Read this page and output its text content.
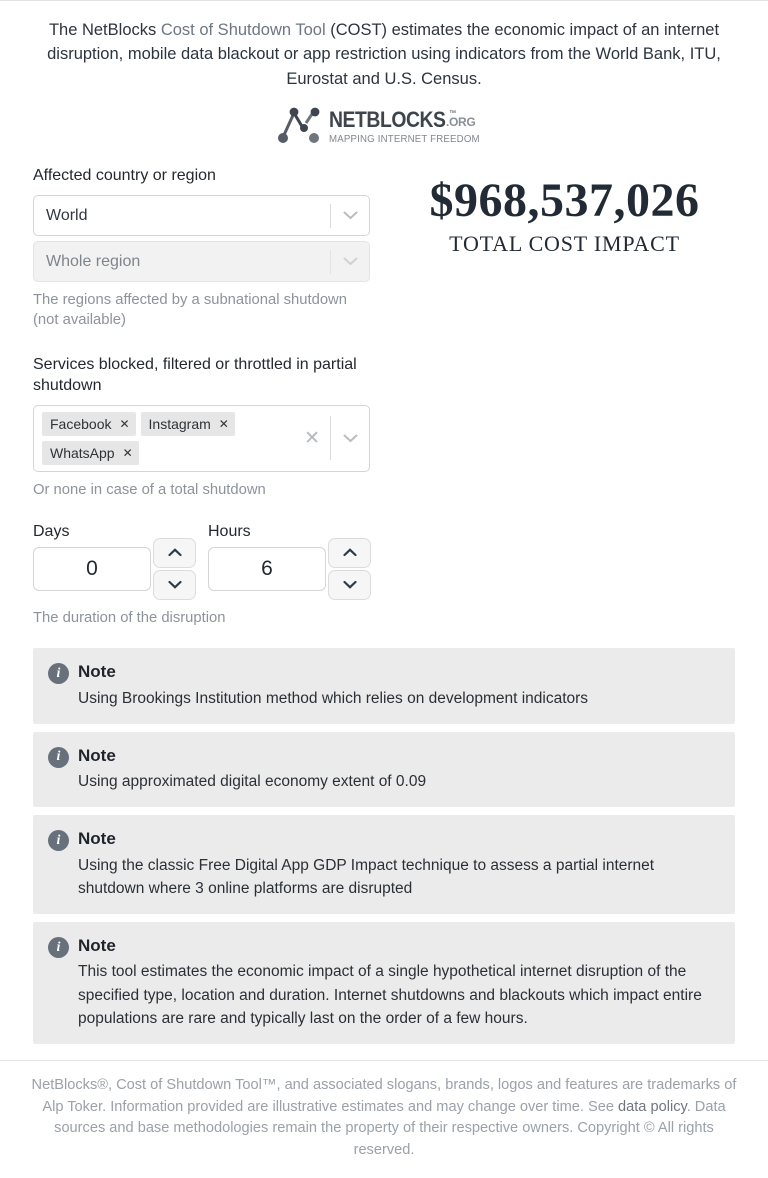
The NetBlocks Cost of Shutdown Tool (COST) estimates the economic impact of an internet disruption, mobile data blackout or app restriction using indicators from the World Bank, ITU, Eurostat and U.S. Census.

NETBLOCKS ™
.ORG
MAPPING INTERNET FREEDOM
Affected country or region
World
Whole region
The regions affected by a subnational shutdown (not available)
Services blocked, filtered or throttled in partial shutdown
Facebook ✕ Instagram ✕
WhatsApp ✕
✕
Or none in case of a total shutdown
Days
0	Hours
6
The duration of the disruption
$968,537,026
TOTAL COST IMPACT
i	Note
Using Brookings Institution method which relies on development indicators
i	Note
Using approximated digital economy extent of 0.09
i	Note
Using the classic Free Digital App GDP Impact technique to assess a partial internet shutdown where 3 online platforms are disrupted
i	Note
This tool estimates the economic impact of a single hypothetical internet disruption of the specified type, location and duration. Internet shutdowns and blackouts which impact entire populations are rare and typically last on the order of a few hours.

NetBlocks®, Cost of Shutdown Tool™, and associated slogans, brands, logos and features are trademarks of Alp Toker. Information provided are illustrative estimates and may change over time. See data policy. Data sources and base methodologies remain the property of their respective owners. Copyright © All rights reserved.
